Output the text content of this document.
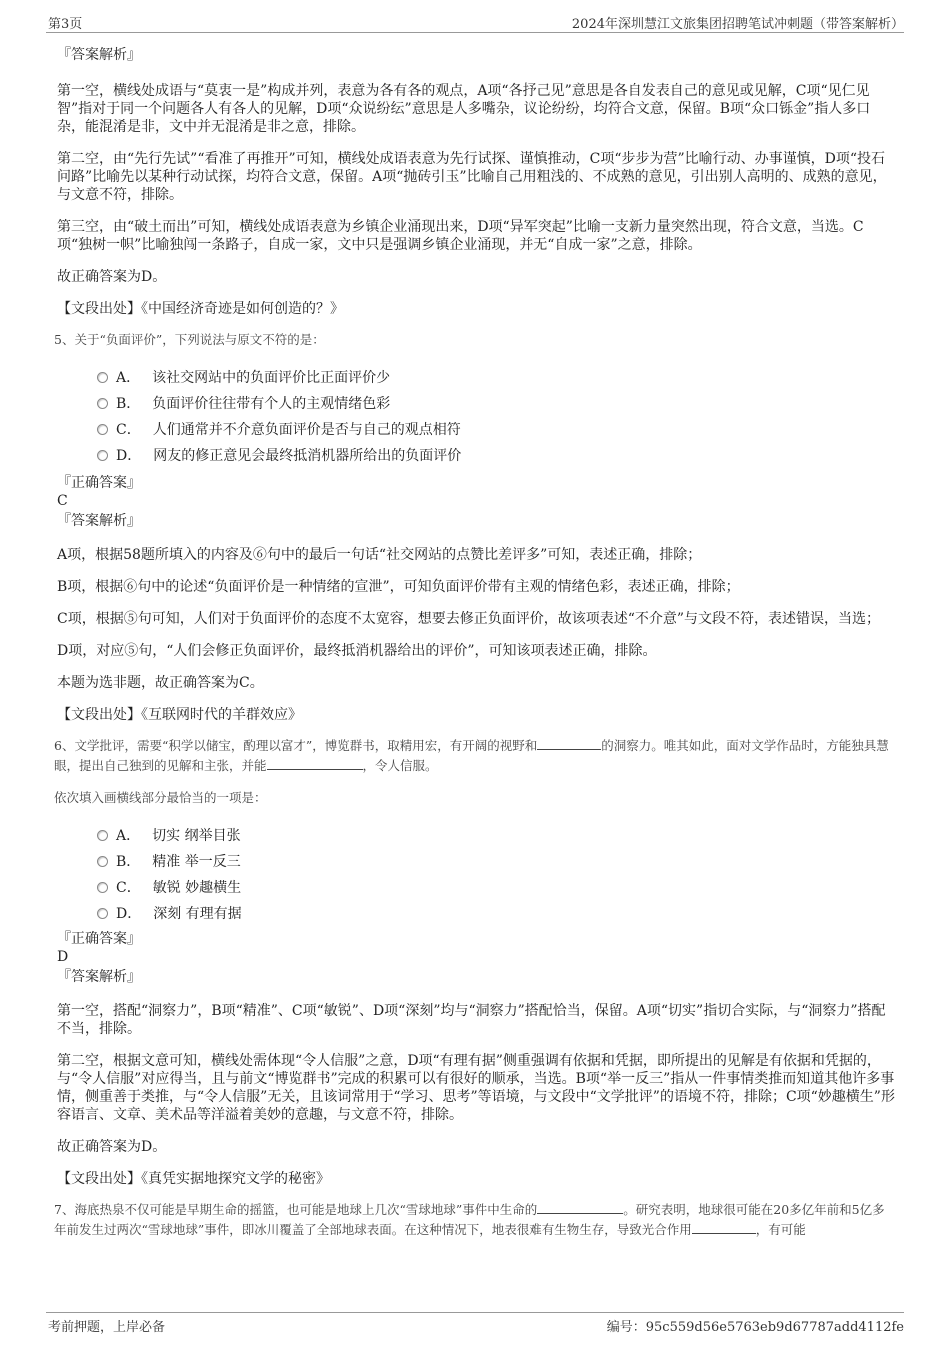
第3页	2024年深圳慧江文旅集团招聘笔试冲刺题（带答案解析）
『答案解析』
第一空，横线处成语与“莫衷一是”构成并列，表意为各有各的观点，A项“各抒己见”意思是各自发表自己的意见或见解，C项“见仁见智”指对于同一个问题各人有各人的见解，D项“众说纷纭”意思是人多嘴杂，议论纷纷，均符合文意，保留。B项“众口铄金”指人多口杂，能混淆是非，文中并无混淆是非之意，排除。
第二空，由“先行先试”“看准了再推开”可知，横线处成语表意为先行试探、谨慎推动，C项“步步为营”比喻行动、办事谨慎，D项“投石问路”比喻先以某种行动试探，均符合文意，保留。A项“抛砖引玉”比喻自己用粗浅的、不成熟的意见，引出别人高明的、成熟的意见，与文意不符，排除。
第三空，由“破土而出”可知，横线处成语表意为乡镇企业涌现出来，D项“异军突起”比喻一支新力量突然出现，符合文意，当选。C项“独树一帜”比喻独闯一条路子，自成一家，文中只是强调乡镇企业涌现，并无“自成一家”之意，排除。
故正确答案为D。
【文段出处】《中国经济奇迹是如何创造的？》
5、关于“负面评价”，下列说法与原文不符的是：
A． 该社交网站中的负面评价比正面评价少
B． 负面评价往往带有个人的主观情绪色彩
C． 人们通常并不介意负面评价是否与自己的观点相符
D． 网友的修正意见会最终抵消机器所给出的负面评价
『正确答案』
C
『答案解析』
A项，根据58题所填入的内容及⑥句中的最后一句话“社交网站的点赞比差评多”可知，表述正确，排除；
B项，根据⑥句中的论述“负面评价是一种情绪的宣泄”，可知负面评价带有主观的情绪色彩，表述正确，排除；
C项，根据⑤句可知，人们对于负面评价的态度不太宽容，想要去修正负面评价，故该项表述“不介意”与文段不符，表述错误，当选；
D项，对应⑤句，“人们会修正负面评价，最终抵消机器给出的评价”，可知该项表述正确，排除。
本题为选非题，故正确答案为C。
【文段出处】《互联网时代的羊群效应》
6、文学批评，需要“积学以储宝，酌理以富才”，博览群书，取精用宏，有开阔的视野和	的洞察力。唯其如此，面对文学作品时，方能独具慧眼，提出自己独到的见解和主张，并能	，令人信服。
依次填入画横线部分最恰当的一项是：
A． 切实 纲举目张
B． 精准 举一反三
C． 敏锐 妙趣横生
D． 深刻 有理有据
『正确答案』
D
『答案解析』
第一空，搭配“洞察力”，B项“精准”、C项“敏锐”、D项“深刻”均与“洞察力”搭配恰当，保留。A项“切实”指切合实际，与“洞察力”搭配不当，排除。
第二空，根据文意可知，横线处需体现“令人信服”之意，D项“有理有据”侧重强调有依据和凭据，即所提出的见解是有依据和凭据的，与“令人信服”对应得当，且与前文“博览群书”完成的积累可以有很好的顺承，当选。B项“举一反三”指从一件事情类推而知道其他许多事情，侧重善于类推，与“令人信服”无关，且该词常用于“学习、思考”等语境，与文段中“文学批评”的语境不符，排除；C项“妙趣横生”形容语言、文章、美术品等洋溢着美妙的意趣，与文意不符，排除。
故正确答案为D。
【文段出处】《真凭实据地探究文学的秘密》
7、海底热泉不仅可能是早期生命的摇篮，也可能是地球上几次“雪球地球”事件中生命的	。研究表明，地球很可能在20多亿年前和5亿多年前发生过两次“雪球地球”事件，即冰川覆盖了全部地球表面。在这种情况下，地表很难有生物生存，导致光合作用	，有可能
考前押题，上岸必备	编号：95c559d56e5763eb9d67787add4112fe
